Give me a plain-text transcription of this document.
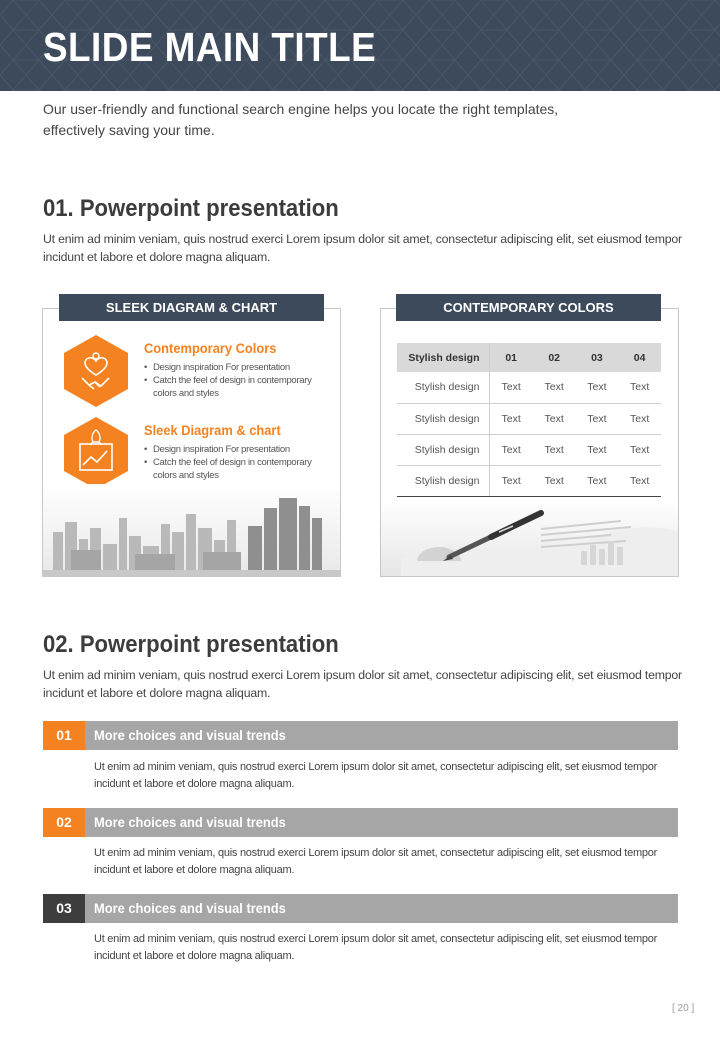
SLIDE MAIN TITLE
Our user-friendly and functional search engine helps you locate the right templates, effectively saving your time.
01. Powerpoint presentation
Ut enim ad minim veniam, quis nostrud exerci Lorem ipsum dolor sit amet, consectetur adipiscing elit, set eiusmod tempor incidunt et labore et dolore magna aliquam.
Contemporary Colors
• Design inspiration For presentation
• Catch the feel of design in contemporary colors and styles
Sleek Diagram & chart
• Design inspiration For presentation
• Catch the feel of design in contemporary colors and styles
SLEEK DIAGRAM & CHART
Stylish design	01	02	03	04
Stylish design	Text	Text	Text	Text
Stylish design	Text	Text	Text	Text
Stylish design	Text	Text	Text	Text
Stylish design	Text	Text	Text	Text
CONTEMPORARY COLORS
02. Powerpoint presentation
Ut enim ad minim veniam, quis nostrud exerci Lorem ipsum dolor sit amet, consectetur adipiscing elit, set eiusmod tempor incidunt et labore et dolore magna aliquam.
01	More choices and visual trends
Ut enim ad minim veniam, quis nostrud exerci Lorem ipsum dolor sit amet, consectetur adipiscing elit, set eiusmod tempor incidunt et labore et dolore magna aliquam.
02	More choices and visual trends
Ut enim ad minim veniam, quis nostrud exerci Lorem ipsum dolor sit amet, consectetur adipiscing elit, set eiusmod tempor incidunt et labore et dolore magna aliquam.
03	More choices and visual trends
Ut enim ad minim veniam, quis nostrud exerci Lorem ipsum dolor sit amet, consectetur adipiscing elit, set eiusmod tempor incidunt et labore et dolore magna aliquam.
[ 20 ]
